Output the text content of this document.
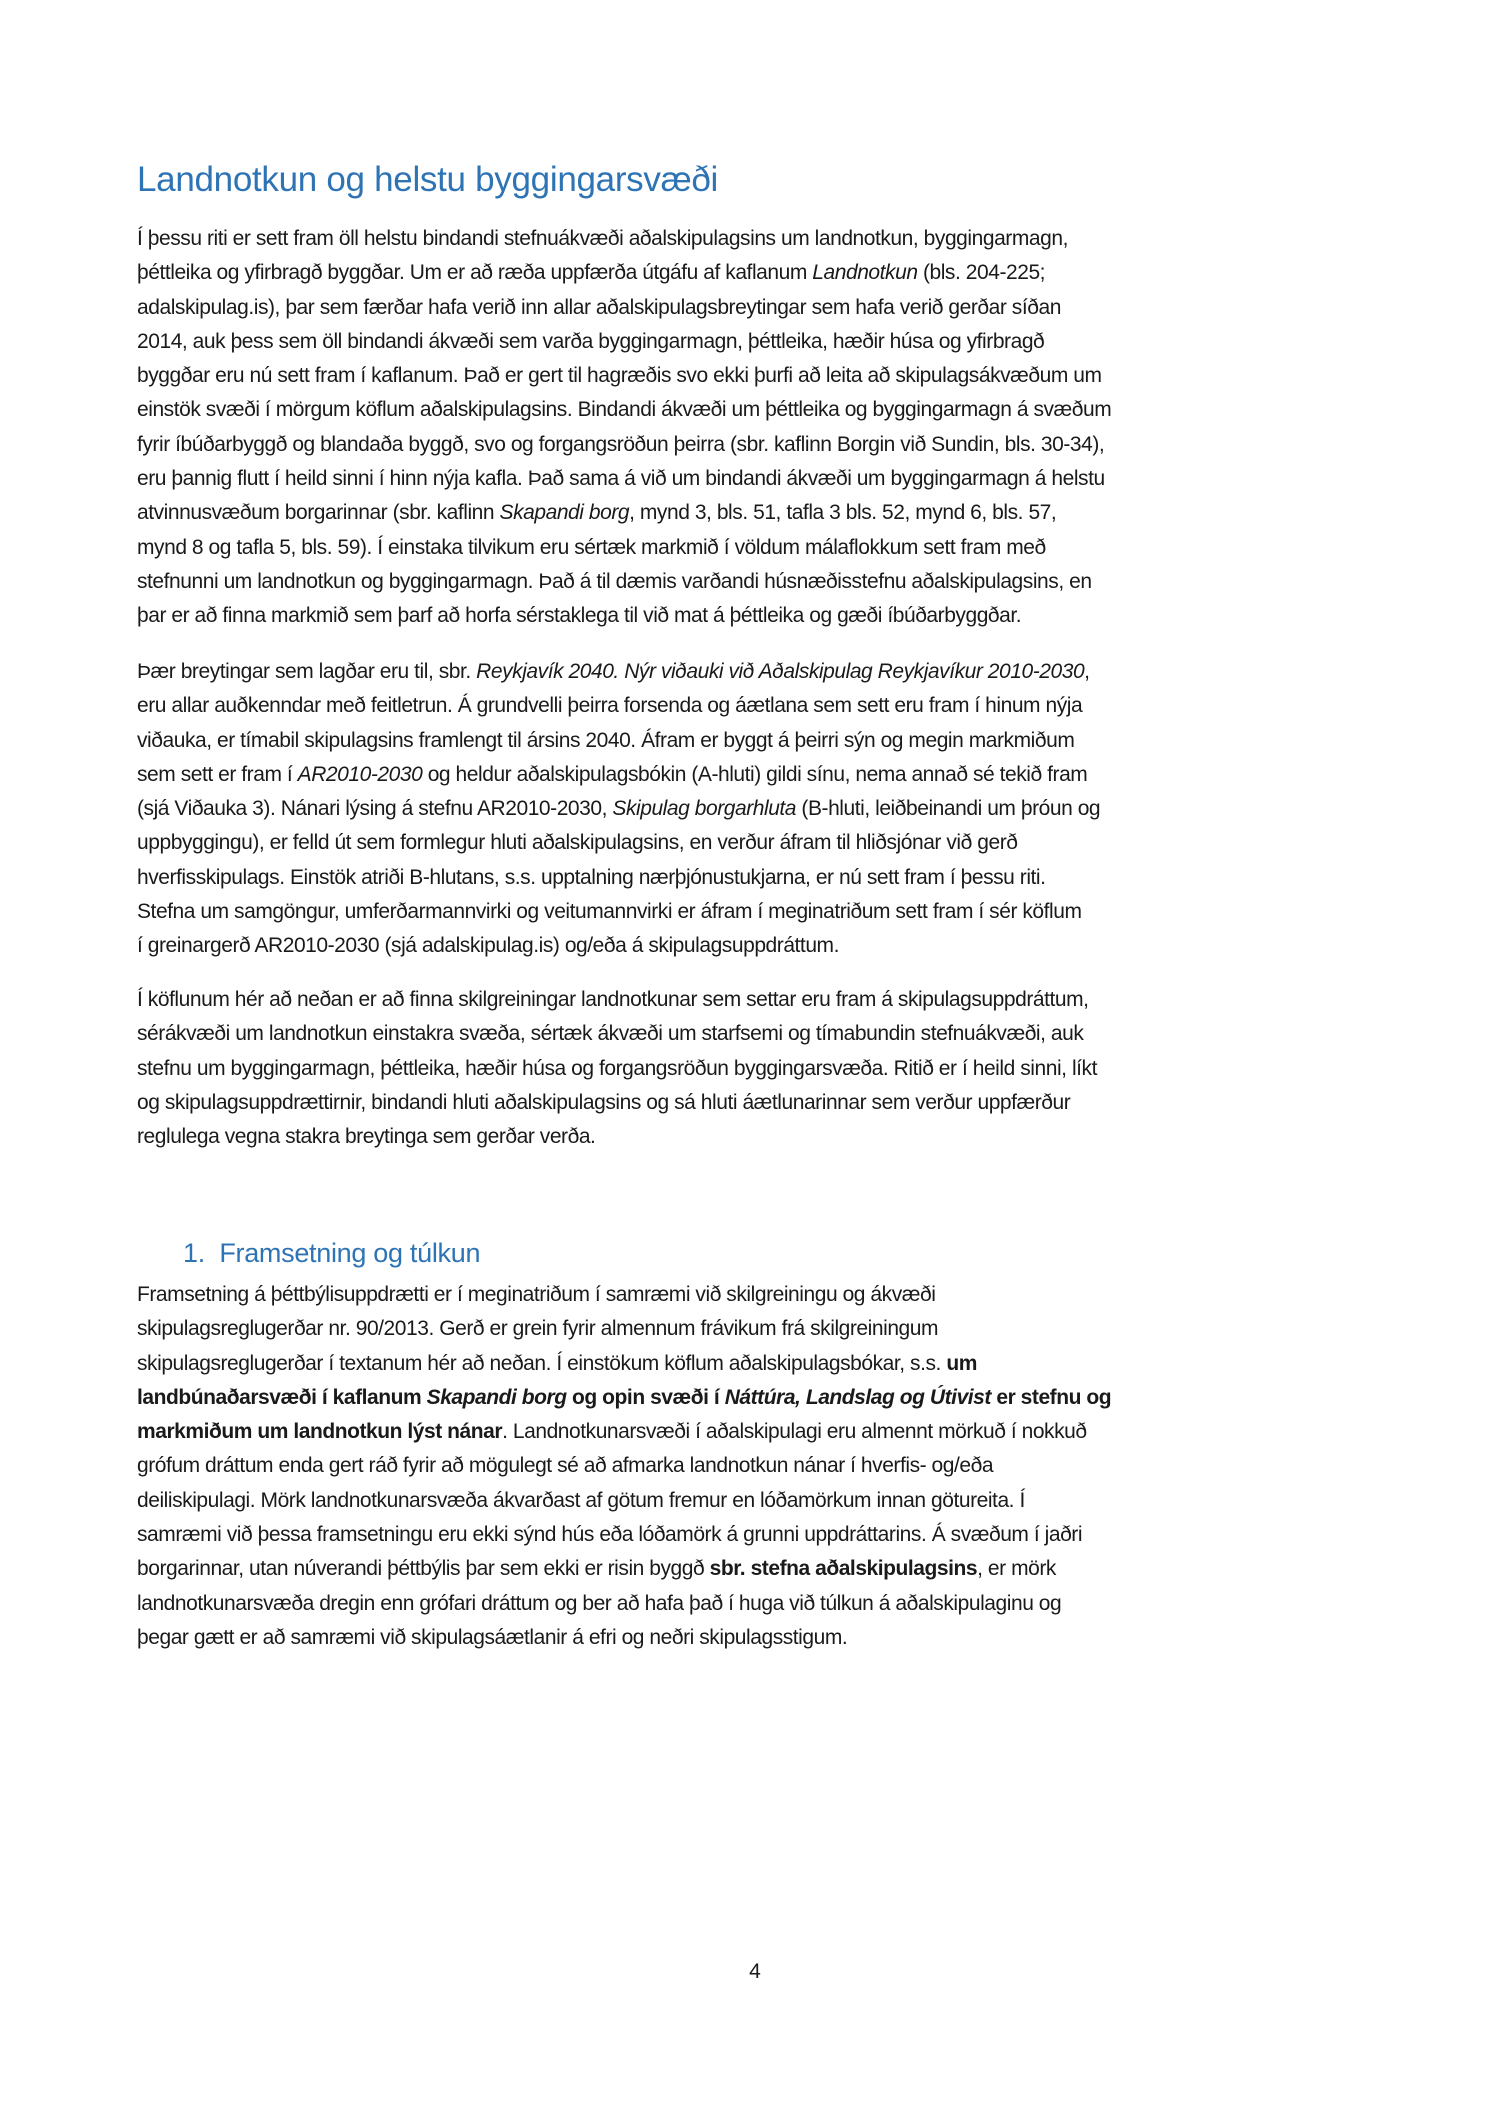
Landnotkun og helstu byggingarsvæði
Í þessu riti er sett fram öll helstu bindandi stefnuákvæði aðalskipulagsins um landnotkun, byggingarmagn,
þéttleika og yfirbragð byggðar. Um er að ræða uppfærða útgáfu af kaflanum Landnotkun (bls. 204-225;
adalskipulag.is), þar sem færðar hafa verið inn allar aðalskipulagsbreytingar sem hafa verið gerðar síðan
2014, auk þess sem öll bindandi ákvæði sem varða byggingarmagn, þéttleika, hæðir húsa og yfirbragð
byggðar eru nú sett fram í kaflanum. Það er gert til hagræðis svo ekki þurfi að leita að skipulagsákvæðum um
einstök svæði í mörgum köflum aðalskipulagsins. Bindandi ákvæði um þéttleika og byggingarmagn á svæðum
fyrir íbúðarbyggð og blandaða byggð, svo og forgangsröðun þeirra (sbr. kaflinn Borgin við Sundin, bls. 30-34),
eru þannig flutt í heild sinni í hinn nýja kafla. Það sama á við um bindandi ákvæði um byggingarmagn á helstu
atvinnusvæðum borgarinnar (sbr. kaflinn Skapandi borg, mynd 3, bls. 51, tafla 3 bls. 52, mynd 6, bls. 57,
mynd 8 og tafla 5, bls. 59). Í einstaka tilvikum eru sértæk markmið í völdum málaflokkum sett fram með
stefnunni um landnotkun og byggingarmagn. Það á til dæmis varðandi húsnæðisstefnu aðalskipulagsins, en
þar er að finna markmið sem þarf að horfa sérstaklega til við mat á þéttleika og gæði íbúðarbyggðar.
Þær breytingar sem lagðar eru til, sbr. Reykjavík 2040. Nýr viðauki við Aðalskipulag Reykjavíkur 2010-2030,
eru allar auðkenndar með feitletrun. Á grundvelli þeirra forsenda og áætlana sem sett eru fram í hinum nýja
viðauka, er tímabil skipulagsins framlengt til ársins 2040. Áfram er byggt á þeirri sýn og megin markmiðum
sem sett er fram í AR2010-2030 og heldur aðalskipulagsbókin (A-hluti) gildi sínu, nema annað sé tekið fram
(sjá Viðauka 3). Nánari lýsing á stefnu AR2010-2030, Skipulag borgarhluta (B-hluti, leiðbeinandi um þróun og
uppbyggingu), er felld út sem formlegur hluti aðalskipulagsins, en verður áfram til hliðsjónar við gerð
hverfisskipulags. Einstök atriði B-hlutans, s.s. upptalning nærþjónustukjarna, er nú sett fram í þessu riti.
Stefna um samgöngur, umferðarmannvirki og veitumannvirki er áfram í meginatriðum sett fram í sér köflum
í greinargerð AR2010-2030 (sjá adalskipulag.is) og/eða á skipulagsuppdráttum.
Í köflunum hér að neðan er að finna skilgreiningar landnotkunar sem settar eru fram á skipulagsuppdráttum,
sérákvæði um landnotkun einstakra svæða, sértæk ákvæði um starfsemi og tímabundin stefnuákvæði, auk
stefnu um byggingarmagn, þéttleika, hæðir húsa og forgangsröðun byggingarsvæða. Ritið er í heild sinni, líkt
og skipulagsuppdrættirnir, bindandi hluti aðalskipulagsins og sá hluti áætlunarinnar sem verður uppfærður
reglulega vegna stakra breytinga sem gerðar verða.
1. Framsetning og túlkun
Framsetning á þéttbýlisuppdrætti er í meginatriðum í samræmi við skilgreiningu og ákvæði
skipulagsreglugerðar nr. 90/2013. Gerð er grein fyrir almennum frávikum frá skilgreiningum
skipulagsreglugerðar í textanum hér að neðan. Í einstökum köflum aðalskipulagsbókar, s.s. um
landbúnaðarsvæði í kaflanum Skapandi borg og opin svæði í Náttúra, Landslag og Útivist er stefnu og
markmiðum um landnotkun lýst nánar. Landnotkunarsvæði í aðalskipulagi eru almennt mörkuð í nokkuð
grófum dráttum enda gert ráð fyrir að mögulegt sé að afmarka landnotkun nánar í hverfis- og/eða
deiliskipulagi. Mörk landnotkunarsvæða ákvarðast af götum fremur en lóðamörkum innan götureita. Í
samræmi við þessa framsetningu eru ekki sýnd hús eða lóðamörk á grunni uppdráttarins. Á svæðum í jaðri
borgarinnar, utan núverandi þéttbýlis þar sem ekki er risin byggð sbr. stefna aðalskipulagsins, er mörk
landnotkunarsvæða dregin enn grófari dráttum og ber að hafa það í huga við túlkun á aðalskipulaginu og
þegar gætt er að samræmi við skipulagsáætlanir á efri og neðri skipulagsstigum.
4
